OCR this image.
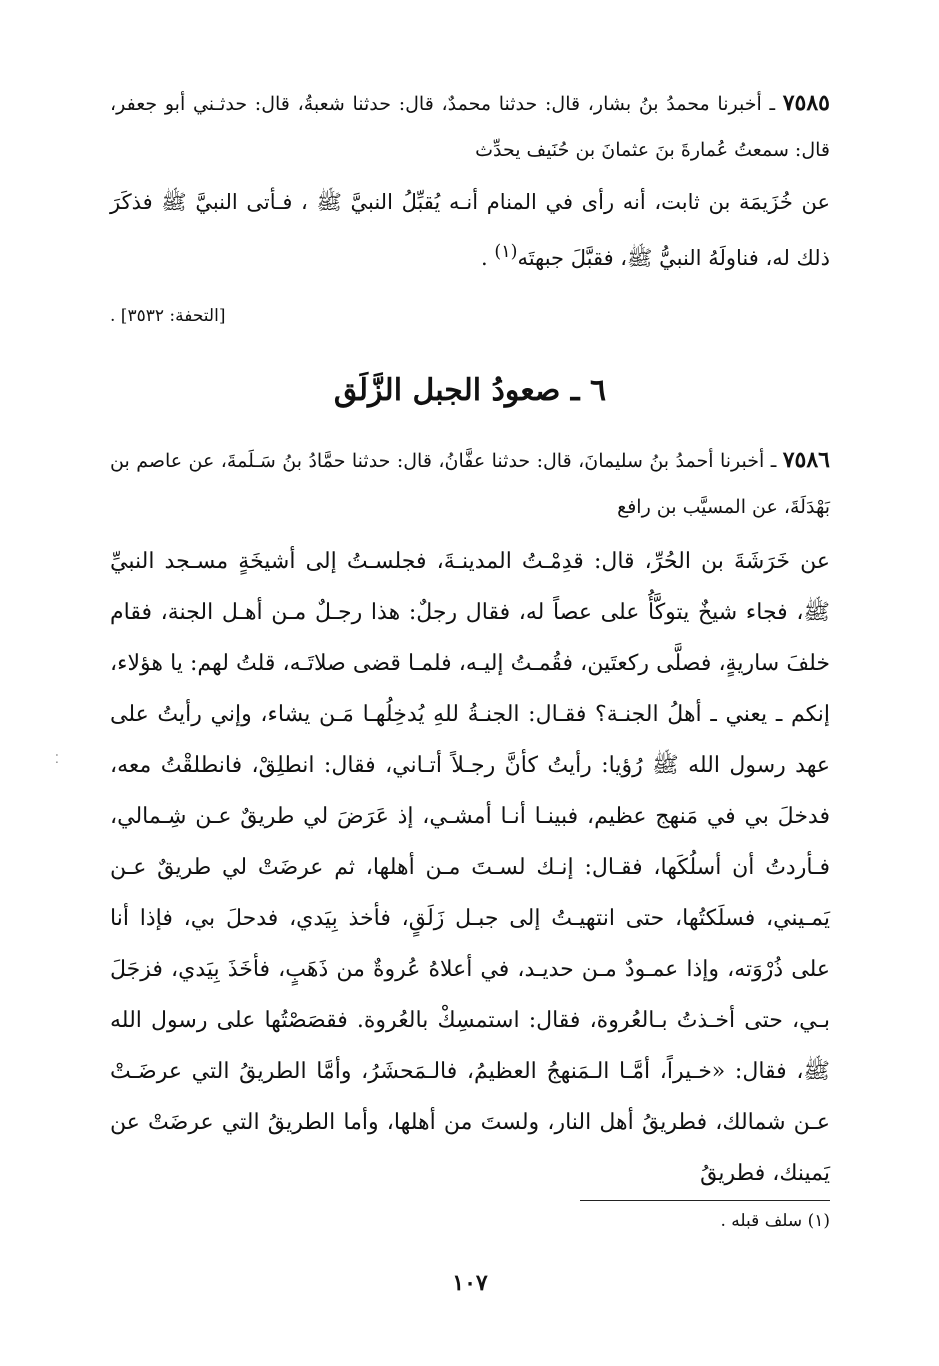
٧٥٨٥ ـ أخبرنا محمدُ بنُ بشار، قال: حدثنا محمدٌ، قال: حدثنا شعبةُ، قال: حدثـني أبو جعفر، قال: سمعتُ عُمارةَ بنَ عثمانَ بن حُنَيف يحدِّث

عن خُزَيمَة بن ثابت، أنه رأى في المنام أنـه يُقبِّلُ النبيَّ ﷺ ، فـأتى النبيَّ ﷺ فذكَرَ ذلك له، فناولَهُ النبيُّ ﷺ، فقبَّلَ جبهتَه$^{(١)}$ .

[التحفة: ٣٥٣٢] .

٦ ـ صعودُ الجبل الزَّلَق

٧٥٨٦ ـ أخبرنا أحمدُ بنُ سليمانَ، قال: حدثنا عفَّانُ، قال: حدثنا حمَّادُ بنُ سَـلَمةَ، عن عاصم بن بَهْدَلَةَ، عن المسيَّب بن رافع

عن خَرَشَةَ بن الحُرِّ، قال: قدِمْـتُ المدينـةَ، فجلسـتُ إلى أشيخَةٍ مسـجد النبيِّ ﷺ، فجاء شيخٌ يتوكَّأُ على عصاً له، فقال رجلٌ: هذا رجـلٌ مـن أهـل الجنة، فقام خلفَ ساريةٍ، فصلَّى ركعتَين، فقُمـتُ إليـه، فلمـا قضى صلاتَـه، قلتُ لهم: يا هؤلاء، إنكم ـ يعني ـ أهلُ الجنـة؟ فقـال: الجنـةُ للهِ يُدخِلُهـا مَـن يشاء، وإني رأيتُ على عهد رسول الله ﷺ رُؤيا: رأيتُ كأنَّ رجـلاً أتـاني، فقال: انطلِقْ، فانطلقْتُ معه، فدخلَ بي في مَنهج عظيم، فبينـا أنـا أمشـي، إذ عَرَضَ لي طريقٌ عـن شِـمالي، فـأردتُ أن أسلُكَها، فقـال: إنـك لسـتَ مـن أهلها، ثم عرضَتْ لي طريقٌ عـن يَمـيني، فسلَكتُها، حتى انتهيـتُ إلى جبـل زَلَقٍ، فأخذ بِيَدي، فدحلَ بي، فإذا أنا على ذُرْوَته، وإذا عمـودٌ مـن حديـد، في أعلاهُ عُروةٌ من ذَهَبٍ، فأخَذَ بِيَدي، فزجَلَ بـي، حتى أخـذتُ بـالعُروة، فقال: استمسِكْ بالعُروة. فقصَصْتُها على رسول الله ﷺ، فقال: «خـيراً، أمَّـا الـمَنهجُ العظيمُ، فالـمَحشَرُ، وأمَّا الطريقُ التي عرضَـتْ عـن شمالك، فطريقُ أهل النار، ولستَ من أهلها، وأما الطريقُ التي عرضَتْ عن يَمينك، فطريقُ

(١) سلف قبله .
١٠٧
⁚
